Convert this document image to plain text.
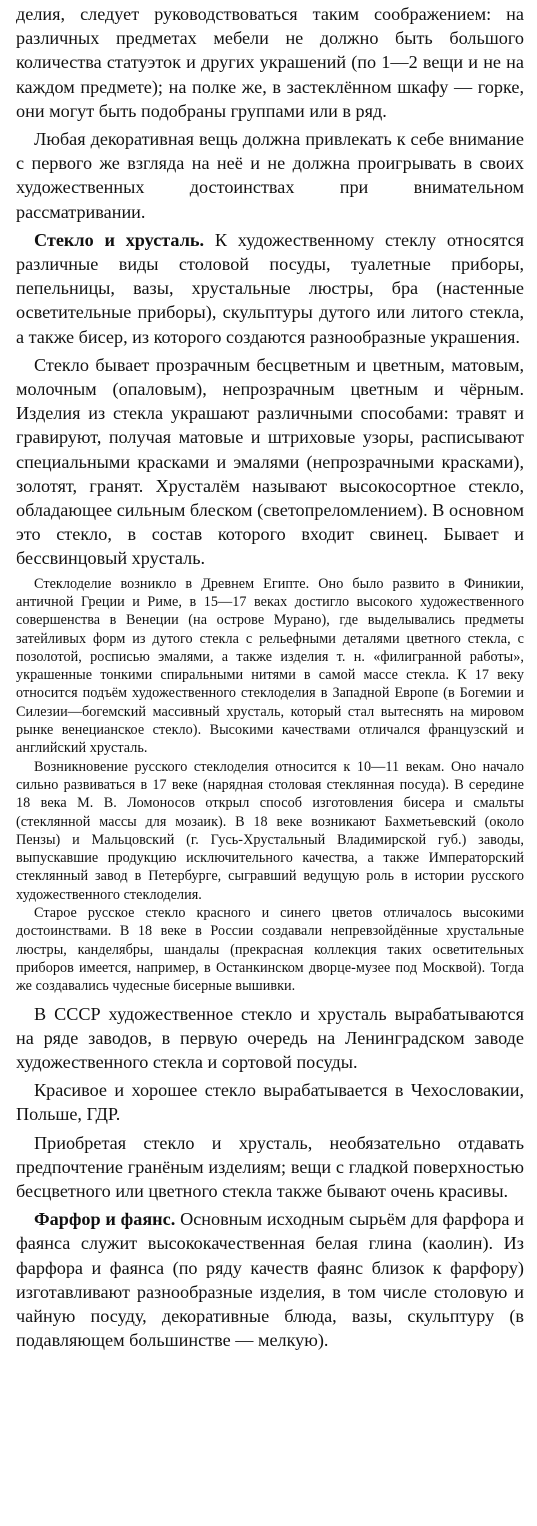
делия, следует руководствоваться таким соображением: на различных предметах мебели не должно быть большого количества статуэток и других украшений (по 1—2 вещи и не на каждом предмете); на полке же, в застеклённом шкафу — горке, они могут быть подобраны группами или в ряд.

Любая декоративная вещь должна привлекать к себе внимание с первого же взгляда на неё и не должна проигрывать в своих художественных достоинствах при внимательном рассматривании.

Стекло и хрусталь. К художественному стеклу относятся различные виды столовой посуды, туалетные приборы, пепельницы, вазы, хрустальные люстры, бра (настенные осветительные приборы), скульптуры дутого или литого стекла, а также бисер, из которого создаются разнообразные украшения.

Стекло бывает прозрачным бесцветным и цветным, матовым, молочным (опаловым), непрозрачным цветным и чёрным. Изделия из стекла украшают различными способами: травят и гравируют, получая матовые и штриховые узоры, расписывают специальными красками и эмалями (непрозрачными красками), золотят, гранят. Хрусталём называют высокосортное стекло, обладающее сильным блеском (светопреломлением). В основном это стекло, в состав которого входит свинец. Бывает и бессвинцовый хрусталь.

Стеклоделие возникло в Древнем Египте. Оно было развито в Финикии, античной Греции и Риме, в 15—17 веках достигло высокого художественного совершенства в Венеции (на острове Мурано), где выделывались предметы затейливых форм из дутого стекла с рельефными деталями цветного стекла, с позолотой, росписью эмалями, а также изделия т. н. «филигранной работы», украшенные тонкими спиральными нитями в самой массе стекла. К 17 веку относится подъём художественного стеклоделия в Западной Европе (в Богемии и Силезии—богемский массивный хрусталь, который стал вытеснять на мировом рынке венецианское стекло). Высокими качествами отличался французский и английский хрусталь.

Возникновение русского стеклоделия относится к 10—11 векам. Оно начало сильно развиваться в 17 веке (нарядная столовая стеклянная посуда). В середине 18 века М. В. Ломоносов открыл способ изготовления бисера и смальты (стеклянной массы для мозаик). В 18 веке возникают Бахметьевский (около Пензы) и Мальцовский (г. Гусь-Хрустальный Владимирской губ.) заводы, выпускавшие продукцию исключительного качества, а также Императорский стеклянный завод в Петербурге, сыгравший ведущую роль в истории русского художественного стеклоделия.

Старое русское стекло красного и синего цветов отличалось высокими достоинствами. В 18 веке в России создавали непревзойдённые хрустальные люстры, канделябры, шандалы (прекрасная коллекция таких осветительных приборов имеется, например, в Останкинском дворце-музее под Москвой). Тогда же создавались чудесные бисерные вышивки.

В СССР художественное стекло и хрусталь вырабатываются на ряде заводов, в первую очередь на Ленинградском заводе художественного стекла и сортовой посуды.

Красивое и хорошее стекло вырабатывается в Чехословакии, Польше, ГДР.

Приобретая стекло и хрусталь, необязательно отдавать предпочтение гранёным изделиям; вещи с гладкой поверхностью бесцветного или цветного стекла также бывают очень красивы.

Фарфор и фаянс. Основным исходным сырьём для фарфора и фаянса служит высококачественная белая глина (каолин). Из фарфора и фаянса (по ряду качеств фаянс близок к фарфору) изготавливают разнообразные изделия, в том числе столовую и чайную посуду, декоративные блюда, вазы, скульптуру (в подавляющем большинстве — мелкую).
